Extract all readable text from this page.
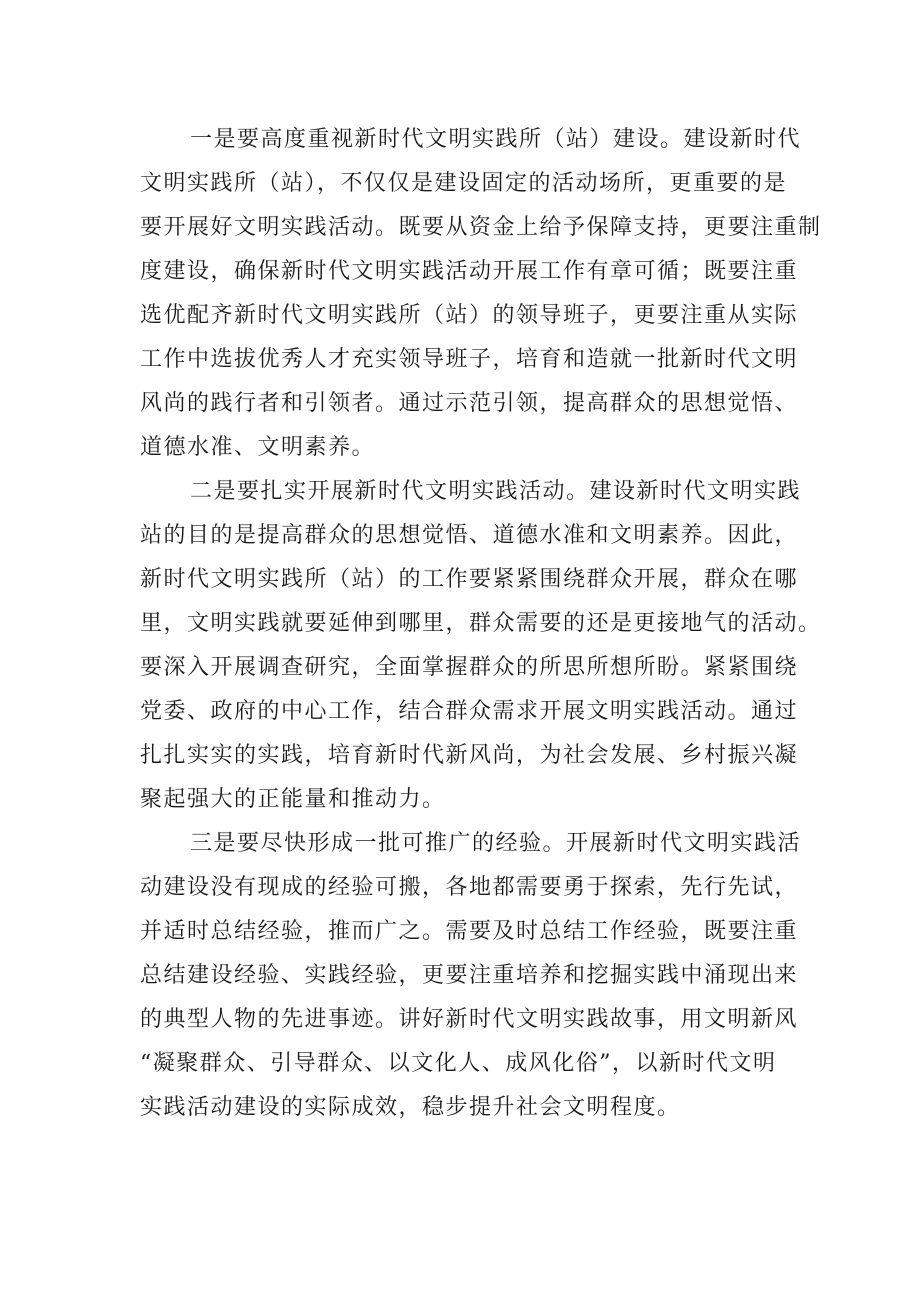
一是要高度重视新时代文明实践所（站）建设。建设新时代

文明实践所（站），不仅仅是建设固定的活动场所，更重要的是

要开展好文明实践活动。既要从资金上给予保障支持，更要注重制

度建设，确保新时代文明实践活动开展工作有章可循；既要注重

选优配齐新时代文明实践所（站）的领导班子，更要注重从实际

工作中选拔优秀人才充实领导班子，培育和造就一批新时代文明

风尚的践行者和引领者。通过示范引领，提高群众的思想觉悟、

道德水准、文明素养。

二是要扎实开展新时代文明实践活动。建设新时代文明实践

站的目的是提高群众的思想觉悟、道德水准和文明素养。因此，

新时代文明实践所（站）的工作要紧紧围绕群众开展，群众在哪

里，文明实践就要延伸到哪里，群众需要的还是更接地气的活动。

要深入开展调查研究，全面掌握群众的所思所想所盼。紧紧围绕

党委、政府的中心工作，结合群众需求开展文明实践活动。通过

扎扎实实的实践，培育新时代新风尚，为社会发展、乡村振兴凝

聚起强大的正能量和推动力。

三是要尽快形成一批可推广的经验。开展新时代文明实践活

动建设没有现成的经验可搬，各地都需要勇于探索，先行先试，

并适时总结经验，推而广之。需要及时总结工作经验，既要注重

总结建设经验、实践经验，更要注重培养和挖掘实践中涌现出来

的典型人物的先进事迹。讲好新时代文明实践故事，用文明新风

“凝聚群众、引导群众、以文化人、成风化俗”，以新时代文明

实践活动建设的实际成效，稳步提升社会文明程度。
